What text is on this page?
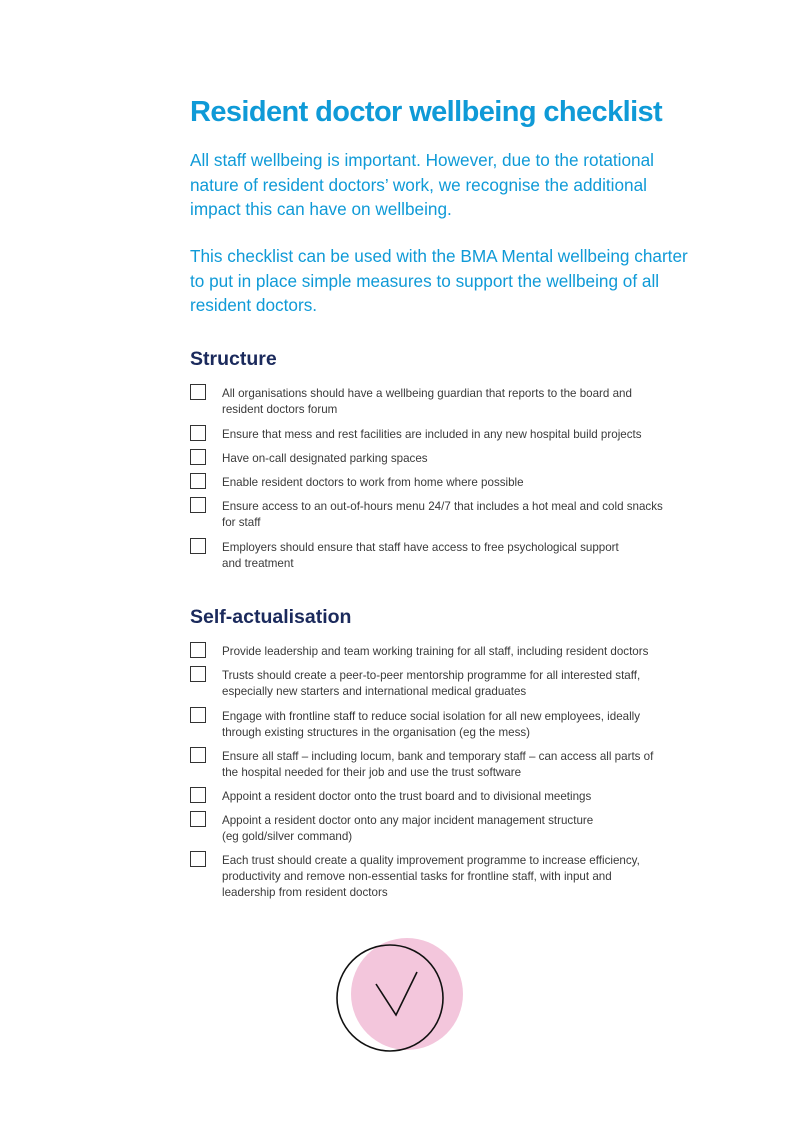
Resident doctor wellbeing checklist

All staff wellbeing is important. However, due to the rotational nature of resident doctors’ work, we recognise the additional impact this can have on wellbeing.

This checklist can be used with the BMA Mental wellbeing charter to put in place simple measures to support the wellbeing of all resident doctors.

Structure
All organisations should have a wellbeing guardian that reports to the board and
resident doctors forum
Ensure that mess and rest facilities are included in any new hospital build projects
Have on-call designated parking spaces
Enable resident doctors to work from home where possible
Ensure access to an out-of-hours menu 24/7 that includes a hot meal and cold snacks
for staff
Employers should ensure that staff have access to free psychological support
and treatment
Self-actualisation
Provide leadership and team working training for all staff, including resident doctors
Trusts should create a peer-to-peer mentorship programme for all interested staff,
especially new starters and international medical graduates
Engage with frontline staff to reduce social isolation for all new employees, ideally
through existing structures in the organisation (eg the mess)
Ensure all staff – including locum, bank and temporary staff – can access all parts of
the hospital needed for their job and use the trust software
Appoint a resident doctor onto the trust board and to divisional meetings
Appoint a resident doctor onto any major incident management structure
(eg gold/silver command)
Each trust should create a quality improvement programme to increase efficiency,
productivity and remove non-essential tasks for frontline staff, with input and
leadership from resident doctors
